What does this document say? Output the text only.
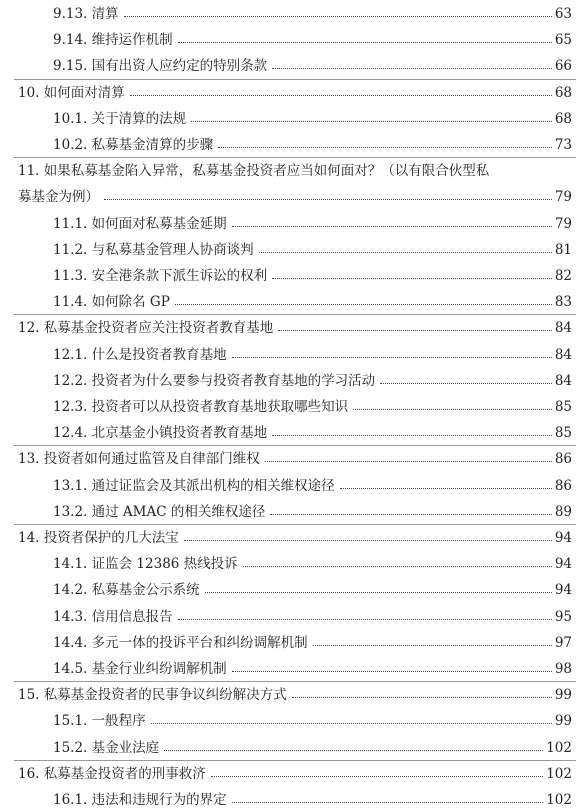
9.13. 清算	63
9.14. 维持运作机制	65
9.15. 国有出资人应约定的特别条款	66
10. 如何面对清算	68
10.1. 关于清算的法规	68
10.2. 私募基金清算的步骤	73
11. 如果私募基金陷入异常，私募基金投资者应当如何面对？（以有限合伙型私
募基金为例）	79
11.1. 如何面对私募基金延期	79
11.2. 与私募基金管理人协商谈判	81
11.3. 安全港条款下派生诉讼的权利	82
11.4. 如何除名 GP	83
12. 私募基金投资者应关注投资者教育基地	84
12.1. 什么是投资者教育基地	84
12.2. 投资者为什么要参与投资者教育基地的学习活动	84
12.3. 投资者可以从投资者教育基地获取哪些知识	85
12.4. 北京基金小镇投资者教育基地	85
13. 投资者如何通过监管及自律部门维权	86
13.1. 通过证监会及其派出机构的相关维权途径	86
13.2. 通过 AMAC 的相关维权途径	89
14. 投资者保护的几大法宝	94
14.1. 证监会 12386 热线投诉	94
14.2. 私募基金公示系统	94
14.3. 信用信息报告	95
14.4. 多元一体的投诉平台和纠纷调解机制	97
14.5. 基金行业纠纷调解机制	98
15. 私募基金投资者的民事争议纠纷解决方式	99
15.1. 一般程序	99
15.2. 基金业法庭	102
16. 私募基金投资者的刑事救济	102
16.1. 违法和违规行为的界定	102
